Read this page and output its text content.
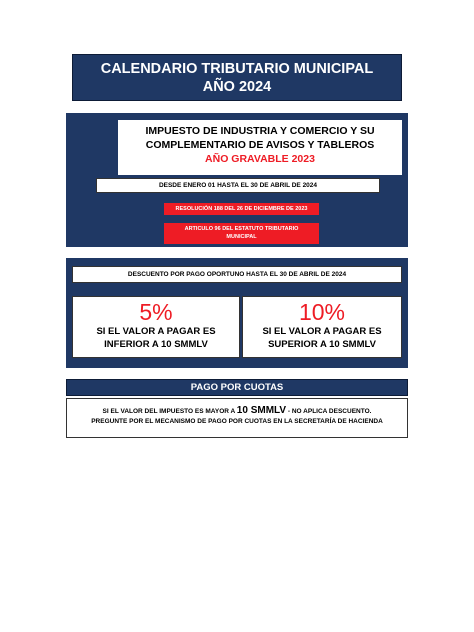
CALENDARIO TRIBUTARIO MUNICIPAL
AÑO 2024
IMPUESTO DE INDUSTRIA Y COMERCIO Y SU
COMPLEMENTARIO DE AVISOS Y TABLEROS
AÑO GRAVABLE 2023
DESDE ENERO 01 HASTA EL 30 DE ABRIL DE 2024
RESOLUCIÓN 188 DEL 26 DE DICIEMBRE DE 2023
ARTICULO 96 DEL ESTATUTO TRIBUTARIO
MUNICIPAL
DESCUENTO POR PAGO OPORTUNO HASTA EL 30 DE ABRIL DE 2024
5%
SI EL VALOR A PAGAR ES
INFERIOR A 10 SMMLV
10%
SI EL VALOR A PAGAR ES
SUPERIOR A 10 SMMLV
PAGO POR CUOTAS
SI EL VALOR DEL IMPUESTO ES MAYOR A 10 SMMLV - NO APLICA DESCUENTO.
PREGUNTE POR EL MECANISMO DE PAGO POR CUOTAS EN LA SECRETARÍA DE HACIENDA
